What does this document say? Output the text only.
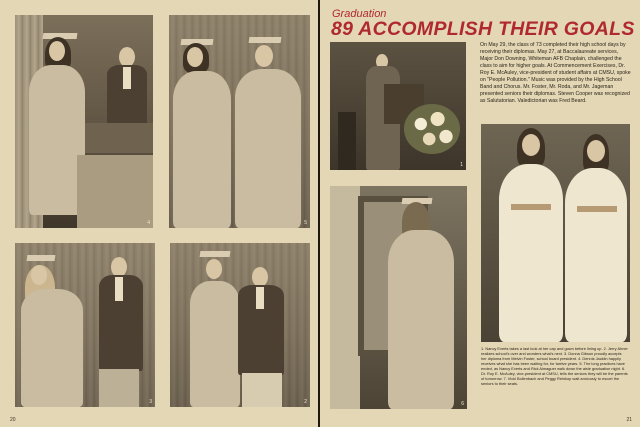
4	5
3	2
20
Graduation
89 ACCOMPLISH THEIR GOALS
1
6
7

On May 29, the class of 73 completed their high school days by receiving their diplomas. May 27, at Baccalaureate services, Major Don Downing, Whiteman AFB Chaplain, challenged the class to aim for higher goals. At Commencement Exercises, Dr. Roy E. McAuley, vice-president of student affairs at CMSU, spoke on "People Pollution." Music was provided by the High School Band and Chorus. Mr. Foster, Mr. Roda, and Mr. Jageman presented seniors their diplomas. Steven Cooper was recognized as Salutatorian. Valedictorian was Fred Beard.

1. Nancy Everts takes a last look at her cap and gown before lining up. 2. Jerry Ahner realizes school's over and wonders what's next. 3. Donna Gibson proudly accepts her diploma from Melvin Foster, school board president. 4. Dennis Jacklin happily receives what she has been waiting for, for twelve years. 5. The long practices have ended, as Nancy Everts and Rick Almaguer walk down the aisle graduation night. 6. Dr. Roy E. McAuley, vice-president at CMSU, tells the seniors they will be the parents of tomorrow. 7. Vicki Bollenbach and Peggy Reinkop wait anxiously to escort the seniors to their seats.

21
